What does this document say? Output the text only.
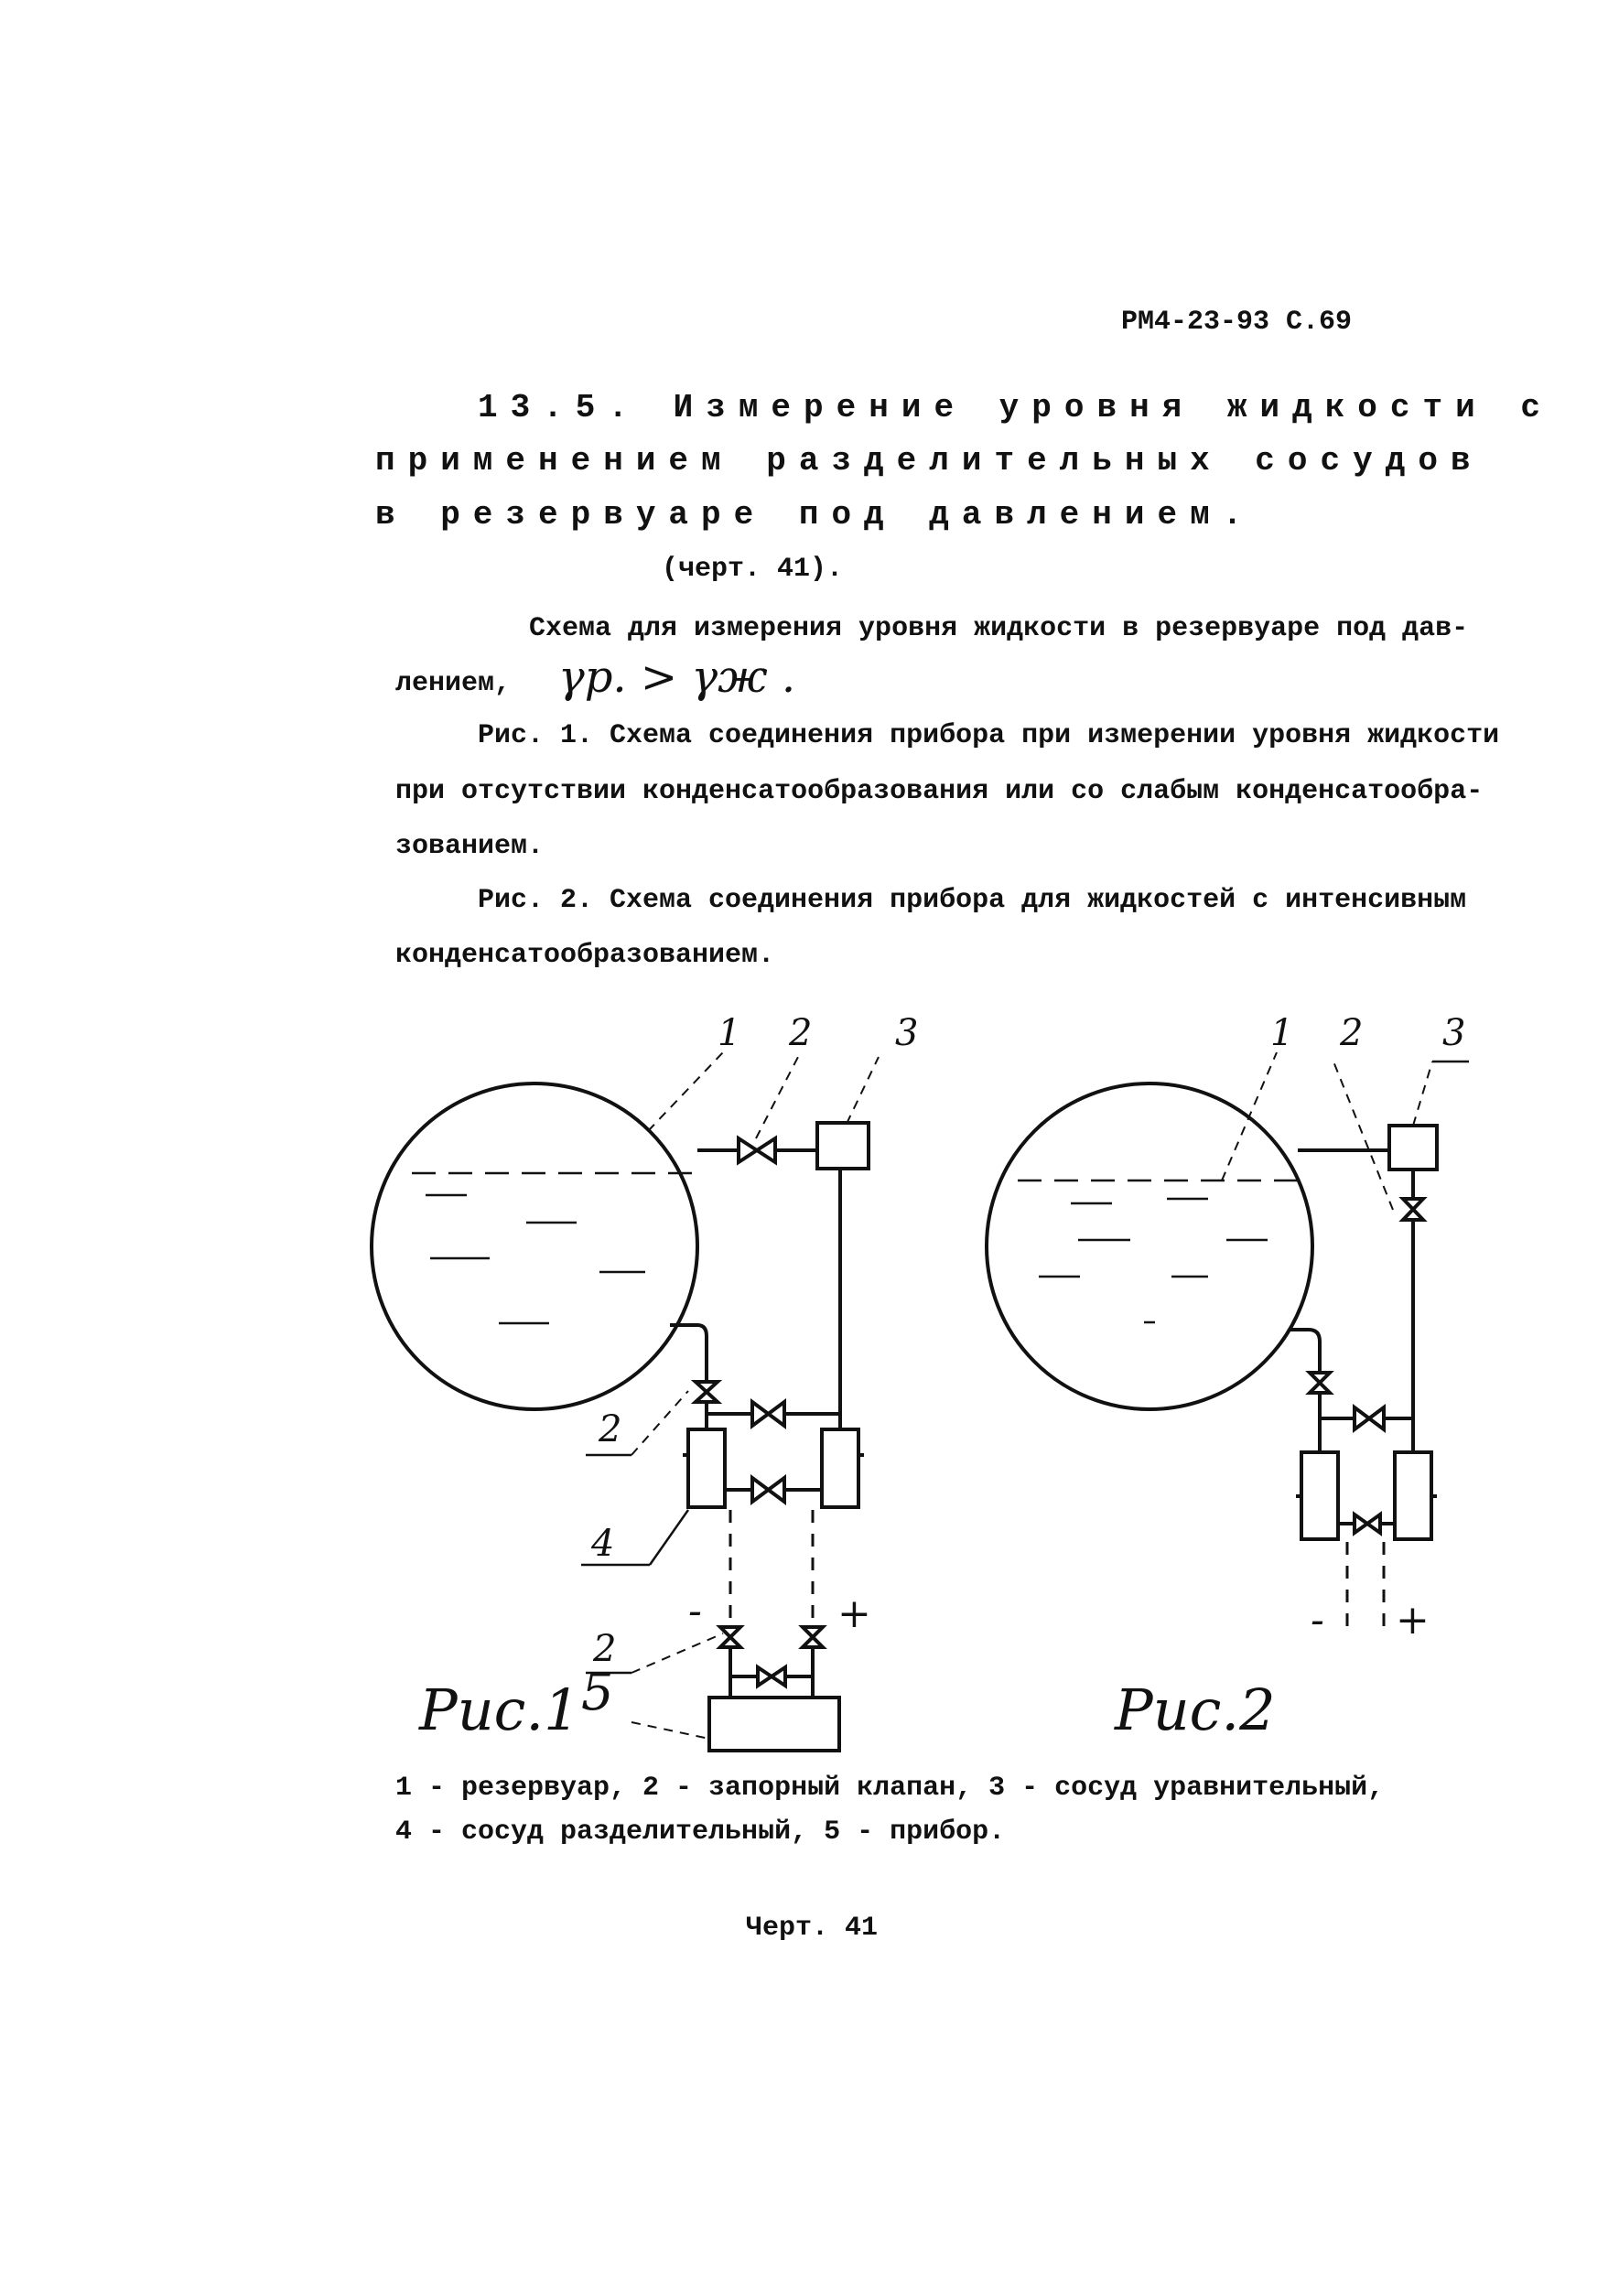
РМ4-23-93 С.69
13.5. Измерение уровня жидкости с
применением разделительных сосудов
в резервуаре под давлением.
(черт. 41).
Схема для измерения уровня жидкости в резервуаре под дав-
лением, γр. > γж .
Рис. 1. Схема соединения прибора при измерении уровня жидкости
при отсутствии конденсатообразования или со слабым конденсатообра-
зованием.
Рис. 2. Схема соединения прибора для жидкостей с интенсивным
конденсатообразованием.
1 2 3
2
4
2
5
-	+
Рис.1
1 2 3
- +
Рис.2
1 - резервуар, 2 - запорный клапан, 3 - сосуд уравнительный,
4 - сосуд разделительный, 5 - прибор.
Черт. 41
